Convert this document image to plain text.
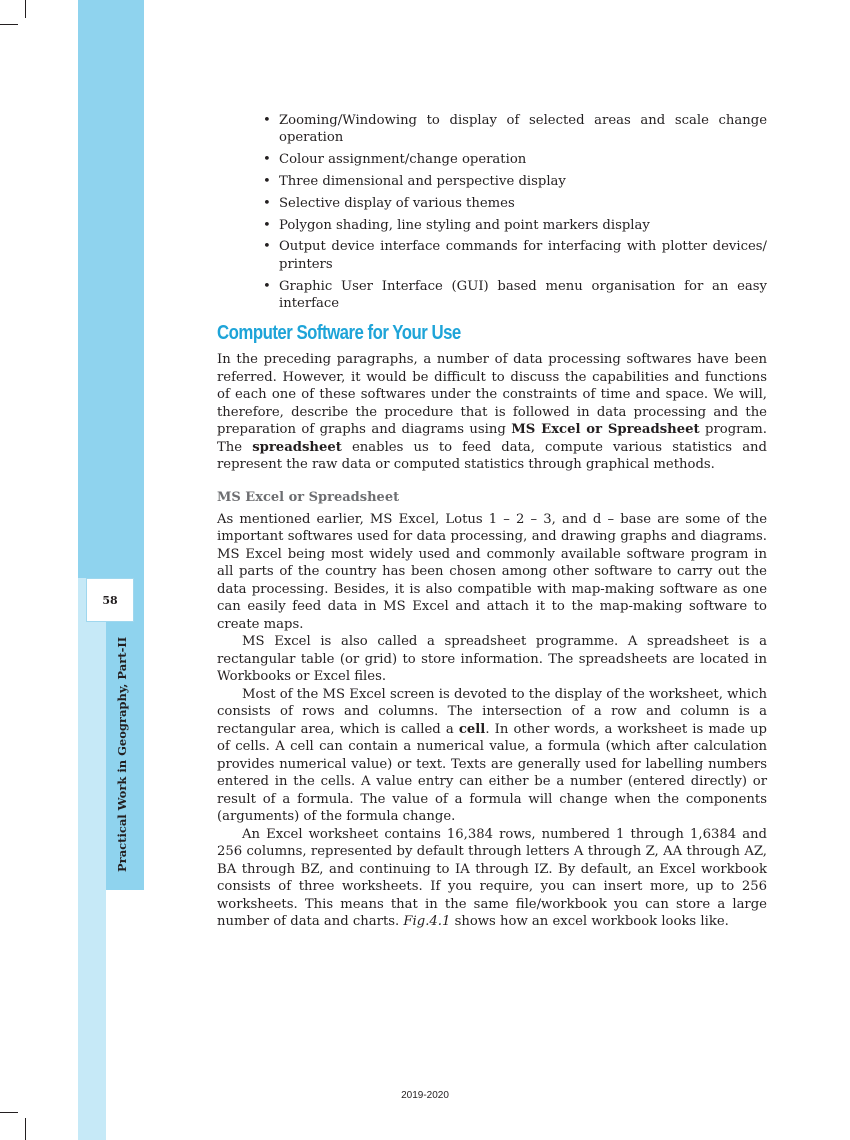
58
Practical Work in Geography, Part-II
• Zooming/Windowing to display of selected areas and scale change operation
• Colour assignment/change operation
• Three dimensional and perspective display
• Selective display of various themes
• Polygon shading, line styling and point markers display
• Output device interface commands for interfacing with plotter devices/ printers
• Graphic User Interface (GUI) based menu organisation for an easy interface
Computer Software for Your Use

In the preceding paragraphs, a number of data processing softwares have been referred. However, it would be difficult to discuss the capabilities and functions of each one of these softwares under the constraints of time and space. We will, therefore, describe the procedure that is followed in data processing and the preparation of graphs and diagrams using MS Excel or Spreadsheet program. The spreadsheet enables us to feed data, compute various statistics and represent the raw data or computed statistics through graphical methods.

MS Excel or Spreadsheet

As mentioned earlier, MS Excel, Lotus 1 – 2 – 3, and d – base are some of the important softwares used for data processing, and drawing graphs and diagrams. MS Excel being most widely used and commonly available software program in all parts of the country has been chosen among other software to carry out the data processing. Besides, it is also compatible with map-making software as one can easily feed data in MS Excel and attach it to the map-making software to create maps.

MS Excel is also called a spreadsheet programme. A spreadsheet is a rectangular table (or grid) to store information. The spreadsheets are located in Workbooks or Excel files.

Most of the MS Excel screen is devoted to the display of the worksheet, which consists of rows and columns. The intersection of a row and column is a rectangular area, which is called a cell. In other words, a worksheet is made up of cells. A cell can contain a numerical value, a formula (which after calculation provides numerical value) or text. Texts are generally used for labelling numbers entered in the cells. A value entry can either be a number (entered directly) or result of a formula. The value of a formula will change when the components (arguments) of the formula change.

An Excel worksheet contains 16,384 rows, numbered 1 through 1,6384 and 256 columns, represented by default through letters A through Z, AA through AZ, BA through BZ, and continuing to IA through IZ. By default, an Excel workbook consists of three worksheets. If you require, you can insert more, up to 256 worksheets. This means that in the same file/workbook you can store a large number of data and charts. Fig.4.1 shows how an excel workbook looks like.

2019-2020
